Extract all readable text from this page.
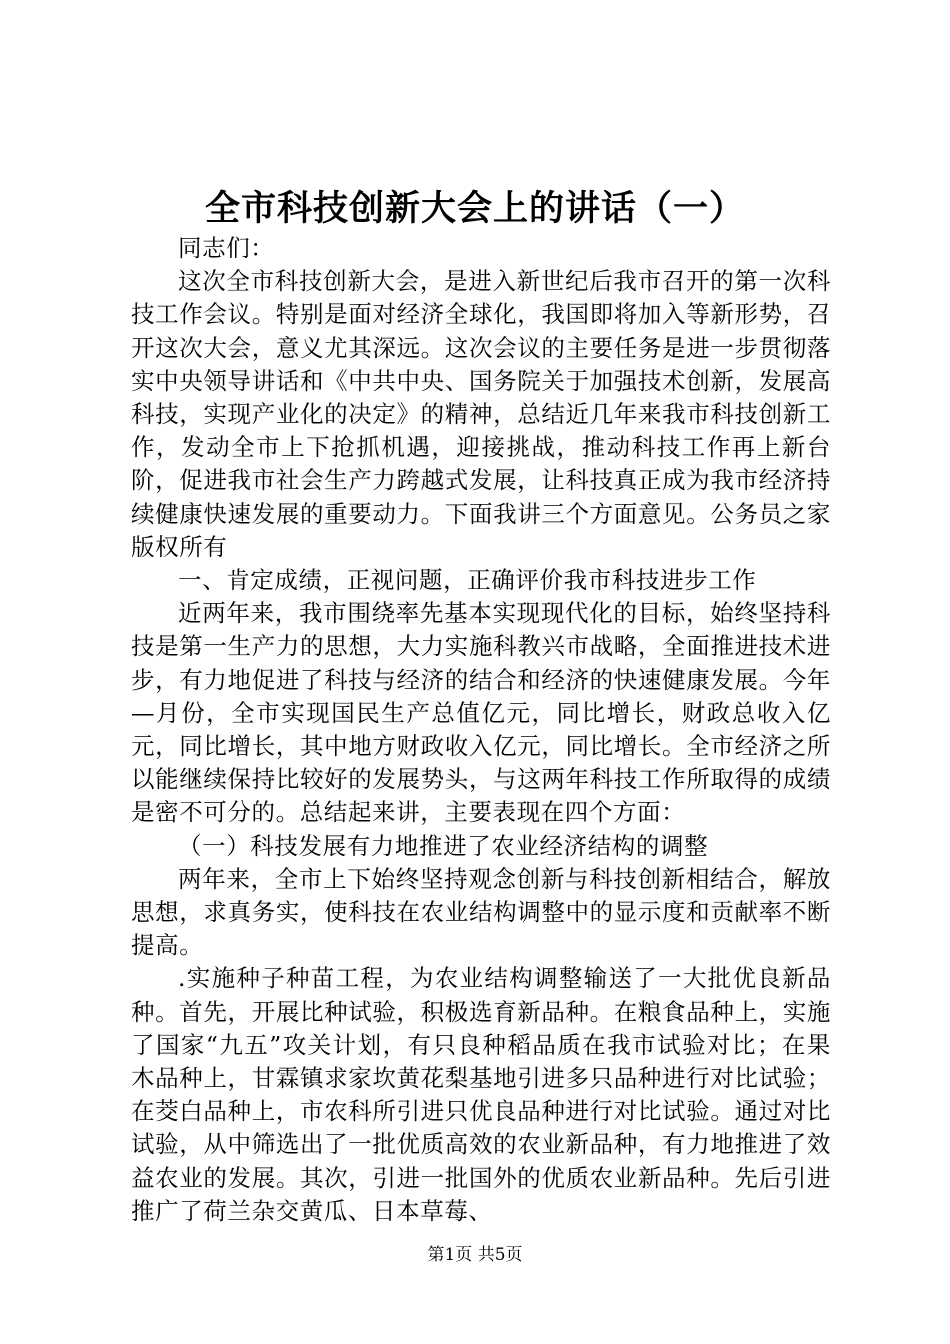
全市科技创新大会上的讲话（一）

同志们：

这次全市科技创新大会，是进入新世纪后我市召开的第一次科技工作会议。特别是面对经济全球化，我国即将加入等新形势，召开这次大会，意义尤其深远。这次会议的主要任务是进一步贯彻落实中央领导讲话和《中共中央、国务院关于加强技术创新，发展高科技，实现产业化的决定》的精神，总结近几年来我市科技创新工作，发动全市上下抢抓机遇，迎接挑战，推动科技工作再上新台阶，促进我市社会生产力跨越式发展，让科技真正成为我市经济持续健康快速发展的重要动力。下面我讲三个方面意见。公务员之家版权所有

一、肯定成绩，正视问题，正确评价我市科技进步工作

近两年来，我市围绕率先基本实现现代化的目标，始终坚持科技是第一生产力的思想，大力实施科教兴市战略，全面推进技术进步，有力地促进了科技与经济的结合和经济的快速健康发展。今年—月份，全市实现国民生产总值亿元，同比增长，财政总收入亿元，同比增长，其中地方财政收入亿元，同比增长。全市经济之所以能继续保持比较好的发展势头，与这两年科技工作所取得的成绩是密不可分的。总结起来讲，主要表现在四个方面：

（一）科技发展有力地推进了农业经济结构的调整

两年来，全市上下始终坚持观念创新与科技创新相结合，解放思想，求真务实，使科技在农业结构调整中的显示度和贡献率不断提高。

.实施种子种苗工程，为农业结构调整输送了一大批优良新品种。首先，开展比种试验，积极选育新品种。在粮食品种上，实施了国家“九五”攻关计划，有只良种稻品质在我市试验对比；在果木品种上，甘霖镇求家坎黄花梨基地引进多只品种进行对比试验；在茭白品种上，市农科所引进只优良品种进行对比试验。通过对比试验，从中筛选出了一批优质高效的农业新品种，有力地推进了效益农业的发展。其次，引进一批国外的优质农业新品种。先后引进推广了荷兰杂交黄瓜、日本草莓、

第1页 共5页
